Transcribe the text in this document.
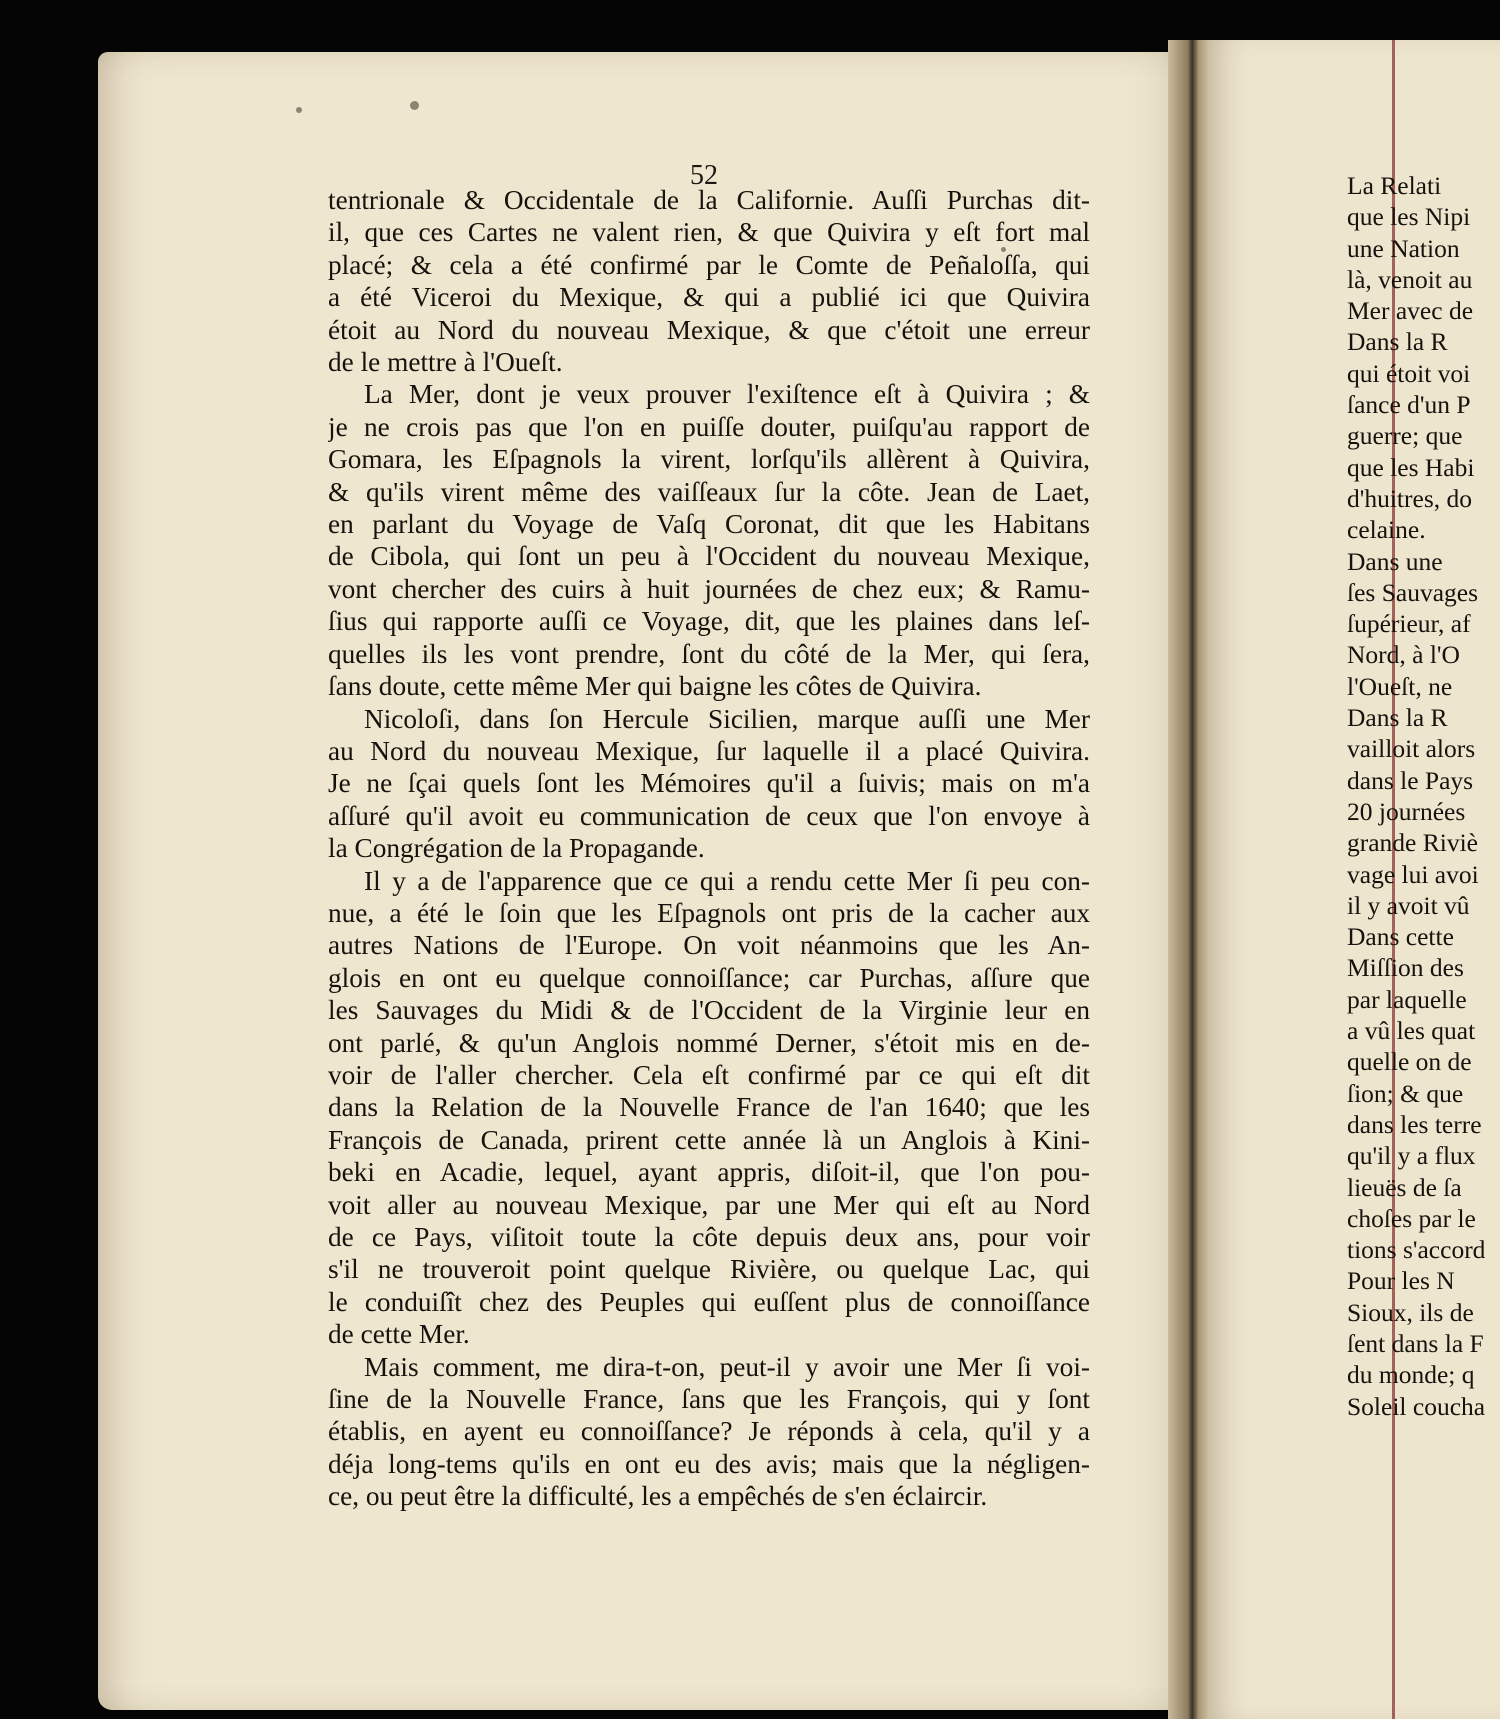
52

tentrionale & Occidentale de la Californie. Auſſi Purchas dit-
il, que ces Cartes ne valent rien, & que Quivira y eſt fort mal
placé; & cela a été confirmé par le Comte de Peñaloſſa, qui
a été Viceroi du Mexique, & qui a publié ici que Quivira
étoit au Nord du nouveau Mexique, & que c'étoit une erreur
de le mettre à l'Oueſt.

La Mer, dont je veux prouver l'exiſtence eſt à Quivira ; &
je ne crois pas que l'on en puiſſe douter, puiſqu'au rapport de
Gomara, les Eſpagnols la virent, lorſqu'ils allèrent à Quivira,
& qu'ils virent même des vaiſſeaux ſur la côte. Jean de Laet,
en parlant du Voyage de Vaſq Coronat, dit que les Habitans
de Cibola, qui ſont un peu à l'Occident du nouveau Mexique,
vont chercher des cuirs à huit journées de chez eux; & Ramu-
ſius qui rapporte auſſi ce Voyage, dit, que les plaines dans leſ-
quelles ils les vont prendre, ſont du côté de la Mer, qui ſera,
ſans doute, cette même Mer qui baigne les côtes de Quivira.

Nicoloſi, dans ſon Hercule Sicilien, marque auſſi une Mer
au Nord du nouveau Mexique, ſur laquelle il a placé Quivira.
Je ne ſçai quels ſont les Mémoires qu'il a ſuivis; mais on m'a
aſſuré qu'il avoit eu communication de ceux que l'on envoye à
la Congrégation de la Propagande.

Il y a de l'apparence que ce qui a rendu cette Mer ſi peu con-
nue, a été le ſoin que les Eſpagnols ont pris de la cacher aux
autres Nations de l'Europe. On voit néanmoins que les An-
glois en ont eu quelque connoiſſance; car Purchas, aſſure que
les Sauvages du Midi & de l'Occident de la Virginie leur en
ont parlé, & qu'un Anglois nommé Derner, s'étoit mis en de-
voir de l'aller chercher. Cela eſt confirmé par ce qui eſt dit
dans la Relation de la Nouvelle France de l'an 1640; que les
François de Canada, prirent cette année là un Anglois à Kini-
beki en Acadie, lequel, ayant appris, diſoit-il, que l'on pou-
voit aller au nouveau Mexique, par une Mer qui eſt au Nord
de ce Pays, viſitoit toute la côte depuis deux ans, pour voir
s'il ne trouveroit point quelque Rivière, ou quelque Lac, qui
le conduiſît chez des Peuples qui euſſent plus de connoiſſance
de cette Mer.

Mais comment, me dira-t-on, peut-il y avoir une Mer ſi voi-
ſine de la Nouvelle France, ſans que les François, qui y ſont
établis, en ayent eu connoiſſance? Je réponds à cela, qu'il y a
déja long-tems qu'ils en ont eu des avis; mais que la négligen-
ce, ou peut être la difficulté, les a empêchés de s'en éclaircir.

La Relati
que les Nipi
une Nation
là, venoit au
Mer avec de
Dans la R
qui étoit voi
ſance d'un P
guerre; que
que les Habi
d'huitres, do
celaine.
Dans une
ſes Sauvages
ſupérieur, af
Nord, à l'O
l'Oueſt, ne
Dans la R
vailloit alors
dans le Pays
20 journées
grande Riviè
vage lui avoi
il y avoit vû
Dans cette
Miſſion des
par laquelle
a vû les quat
quelle on de
ſion; & que
dans les terre
qu'il y a flux
lieuës de ſa
choſes par le
tions s'accord
Pour les N
Sioux, ils de
ſent dans la F
du monde; q
Soleil coucha
